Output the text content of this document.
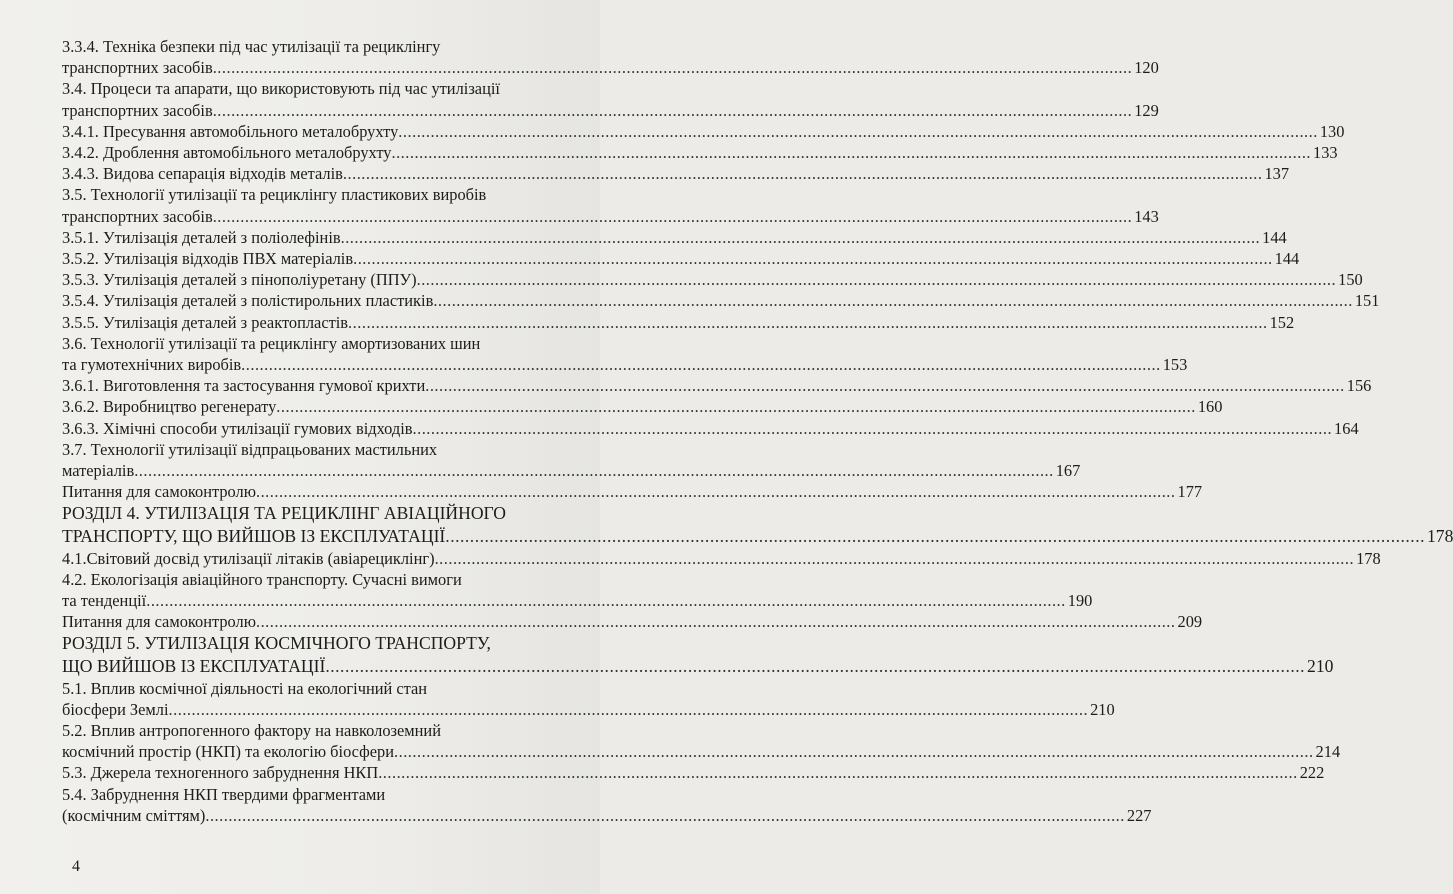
3.3.4. Техніка безпеки під час утилізації та рециклінгу
транспортних засобів ........................................................................................................................................................................................................ 120
3.4. Процеси та апарати, що використовують під час утилізації
транспортних засобів ........................................................................................................................................................................................................ 129
3.4.1. Пресування автомобільного металобрухту ........................................................................................................................................................................................................ 130
3.4.2. Дроблення автомобільного металобрухту ........................................................................................................................................................................................................ 133
3.4.3. Видова сепарація відходів металів ........................................................................................................................................................................................................ 137
3.5. Технології утилізації та рециклінгу пластикових виробів
транспортних засобів ........................................................................................................................................................................................................ 143
3.5.1. Утилізація деталей з поліолефінів ........................................................................................................................................................................................................ 144
3.5.2. Утилізація відходів ПВХ матеріалів ........................................................................................................................................................................................................ 144
3.5.3. Утилізація деталей з пінополіуретану (ППУ) ........................................................................................................................................................................................................ 150
3.5.4. Утилізація деталей з полістирольних пластиків ........................................................................................................................................................................................................ 151
3.5.5. Утилізація деталей з реактопластів ........................................................................................................................................................................................................ 152
3.6. Технології утилізації та рециклінгу амортизованих шин
та гумотехнічних виробів ........................................................................................................................................................................................................ 153
3.6.1. Виготовлення та застосування гумової крихти ........................................................................................................................................................................................................ 156
3.6.2. Виробництво регенерату ........................................................................................................................................................................................................ 160
3.6.3. Хімічні способи утилізації гумових відходів ........................................................................................................................................................................................................ 164
3.7. Технології утилізації відпрацьованих мастильних
матеріалів ........................................................................................................................................................................................................ 167
Питання для самоконтролю ........................................................................................................................................................................................................ 177
РОЗДІЛ 4. УТИЛІЗАЦІЯ ТА РЕЦИКЛІНГ АВІАЦІЙНОГО
ТРАНСПОРТУ, ЩО ВИЙШОВ ІЗ ЕКСПЛУАТАЦІЇ ........................................................................................................................................................................................................ 178
4.1.Світовий досвід утилізації літаків (авіарециклінг) ........................................................................................................................................................................................................ 178
4.2. Екологізація авіаційного транспорту. Сучасні вимоги
та тенденції ........................................................................................................................................................................................................ 190
Питання для самоконтролю ........................................................................................................................................................................................................ 209
РОЗДІЛ 5. УТИЛІЗАЦІЯ КОСМІЧНОГО ТРАНСПОРТУ,
ЩО ВИЙШОВ ІЗ ЕКСПЛУАТАЦІЇ ........................................................................................................................................................................................................ 210
5.1. Вплив космічної діяльності на екологічний стан
біосфери Землі ........................................................................................................................................................................................................ 210
5.2. Вплив антропогенного фактору на навколоземний
космічний простір (НКП) та екологію біосфери ........................................................................................................................................................................................................ 214
5.3. Джерела техногенного забруднення НКП ........................................................................................................................................................................................................ 222
5.4. Забруднення НКП твердими фрагментами
(космічним сміттям) ........................................................................................................................................................................................................ 227
4
